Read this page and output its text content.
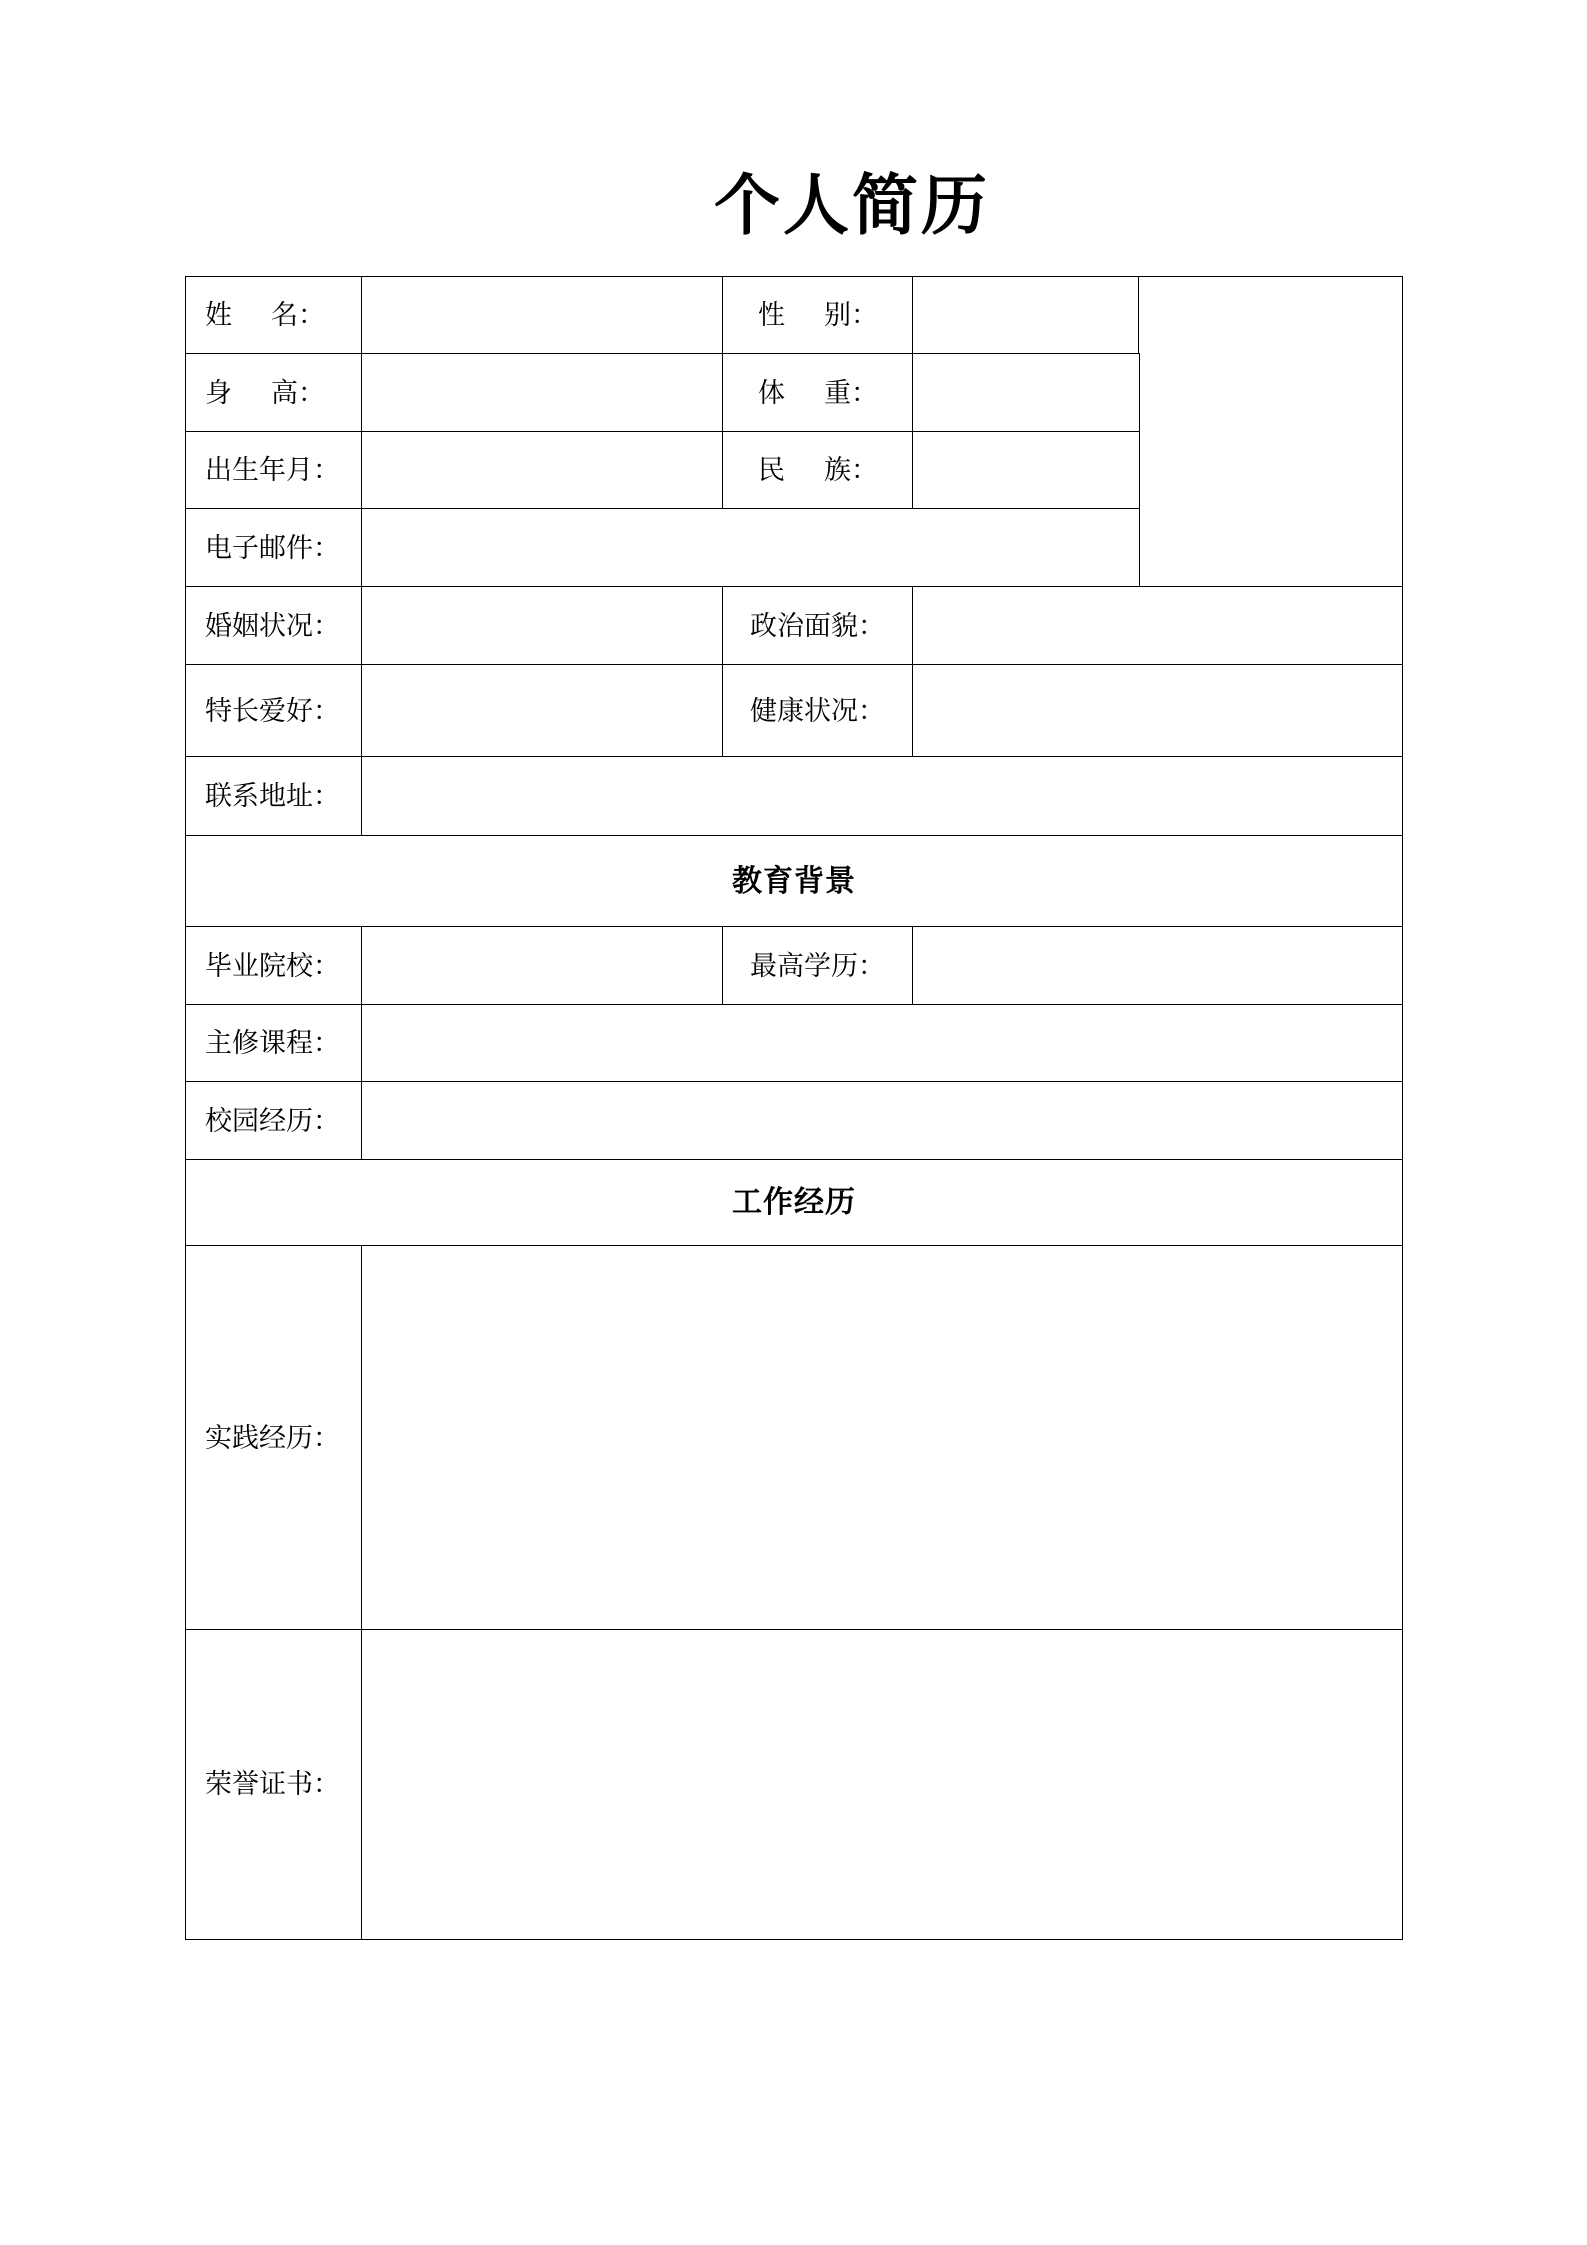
个人简历
姓 名：	性 别：
身 高：	体 重：
出生年月：	民 族：
电子邮件：
婚姻状况：	政治面貌：
特长爱好：	健康状况：
联系地址：
教育背景
毕业院校：	最高学历：
主修课程：
校园经历：
工作经历
实践经历：
荣誉证书：
